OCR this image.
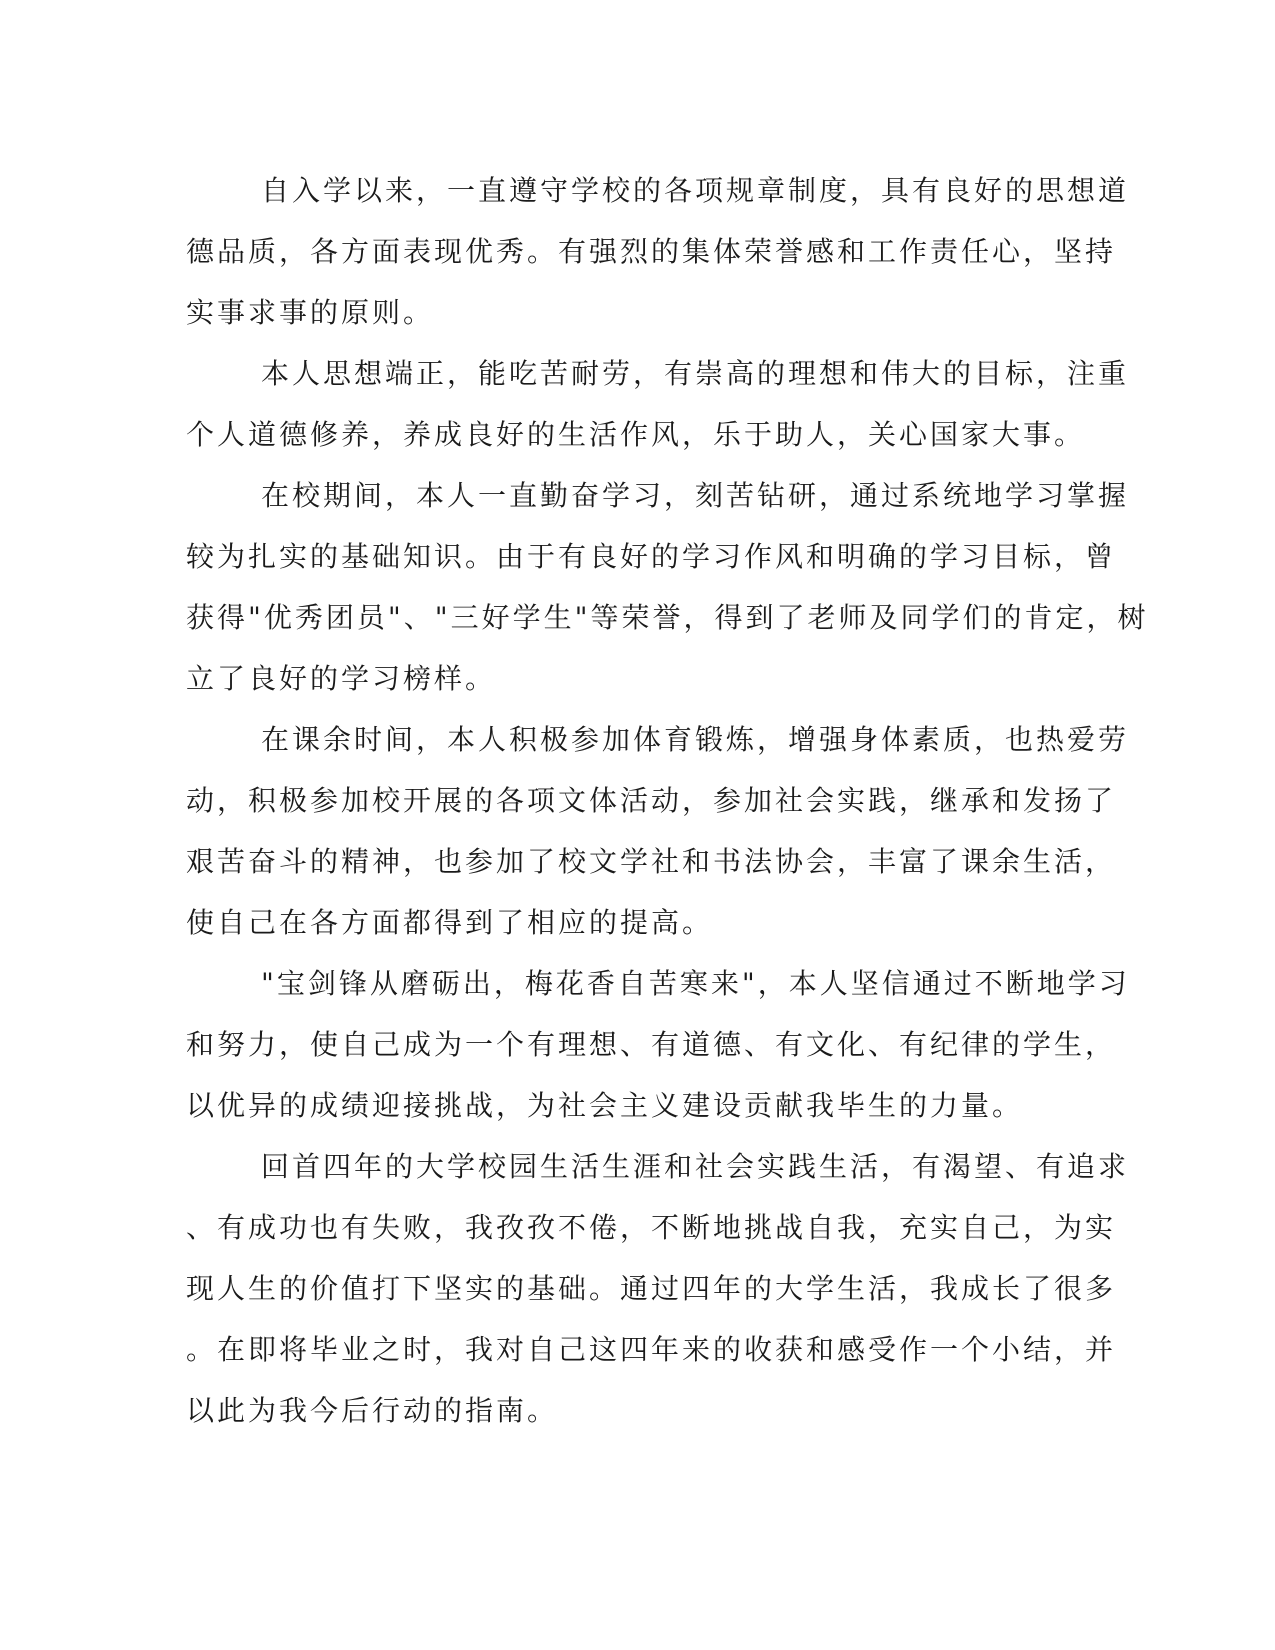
自入学以来，一直遵守学校的各项规章制度，具有良好的思想道
德品质，各方面表现优秀。有强烈的集体荣誉感和工作责任心，坚持
实事求事的原则。
本人思想端正，能吃苦耐劳，有崇高的理想和伟大的目标，注重
个人道德修养，养成良好的生活作风，乐于助人，关心国家大事。
在校期间，本人一直勤奋学习，刻苦钻研，通过系统地学习掌握
较为扎实的基础知识。由于有良好的学习作风和明确的学习目标，曾
获得"优秀团员"、"三好学生"等荣誉，得到了老师及同学们的肯定，树
立了良好的学习榜样。
在课余时间，本人积极参加体育锻炼，增强身体素质，也热爱劳
动，积极参加校开展的各项文体活动，参加社会实践，继承和发扬了
艰苦奋斗的精神，也参加了校文学社和书法协会，丰富了课余生活，
使自己在各方面都得到了相应的提高。
"宝剑锋从磨砺出，梅花香自苦寒来"，本人坚信通过不断地学习
和努力，使自己成为一个有理想、有道德、有文化、有纪律的学生，
以优异的成绩迎接挑战，为社会主义建设贡献我毕生的力量。
回首四年的大学校园生活生涯和社会实践生活，有渴望、有追求
、有成功也有失败，我孜孜不倦，不断地挑战自我，充实自己，为实
现人生的价值打下坚实的基础。通过四年的大学生活，我成长了很多
。在即将毕业之时，我对自己这四年来的收获和感受作一个小结，并
以此为我今后行动的指南。
